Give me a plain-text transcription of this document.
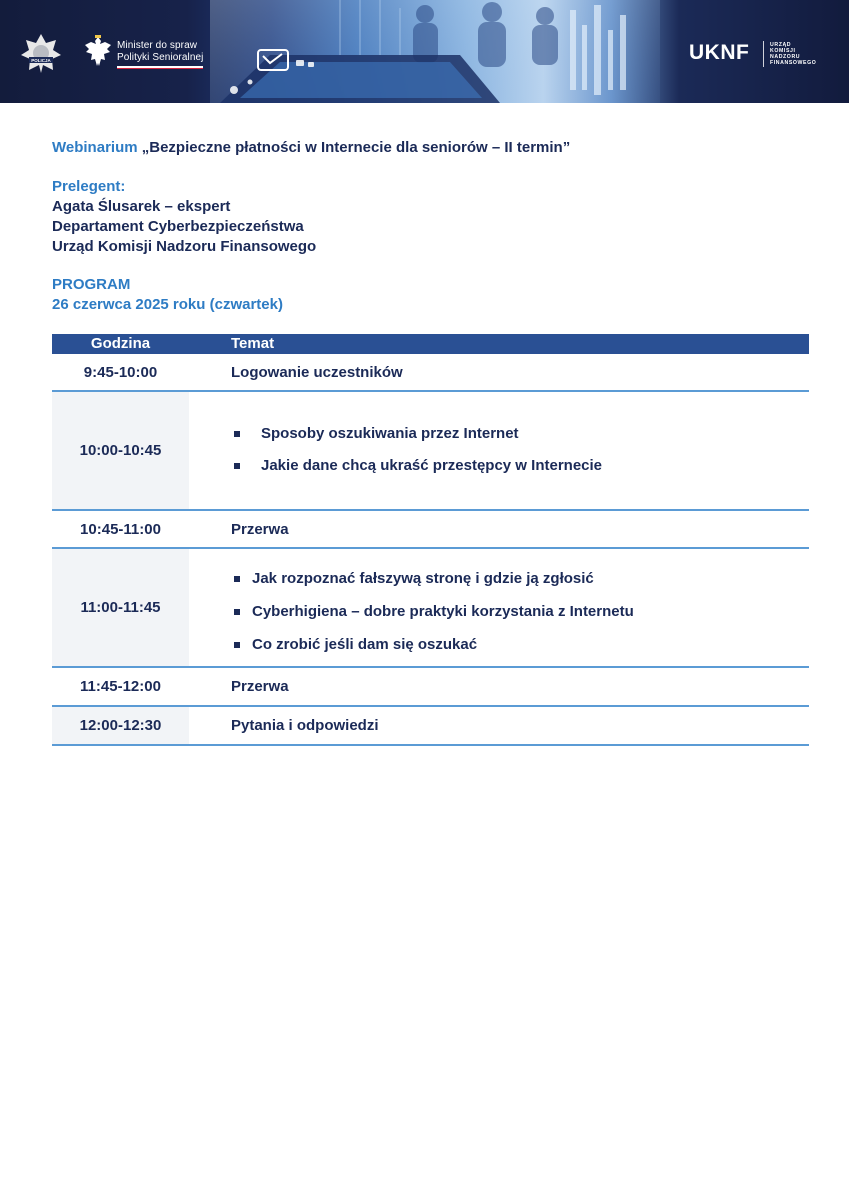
POLICJA
Minister do spraw
Polityki Senioralnej	UKNF	URZĄD
KOMISJI
NADZORU
FINANSOWEGO
Webinarium „Bezpieczne płatności w Internecie dla seniorów – II termin”
Prelegent:
Agata Ślusarek – ekspert
Departament Cyberbezpieczeństwa
Urząd Komisji Nadzoru Finansowego
PROGRAM
26 czerwca 2025 roku (czwartek)
Godzina	Temat
9:45-10:00	Logowanie uczestników
10:00-10:45
Sposoby oszukiwania przez Internet
Jakie dane chcą ukraść przestępcy w Internecie
10:45-11:00	Przerwa
11:00-11:45
Jak rozpoznać fałszywą stronę i gdzie ją zgłosić
Cyberhigiena – dobre praktyki korzystania z Internetu
Co zrobić jeśli dam się oszukać
11:45-12:00	Przerwa
12:00-12:30	Pytania i odpowiedzi
